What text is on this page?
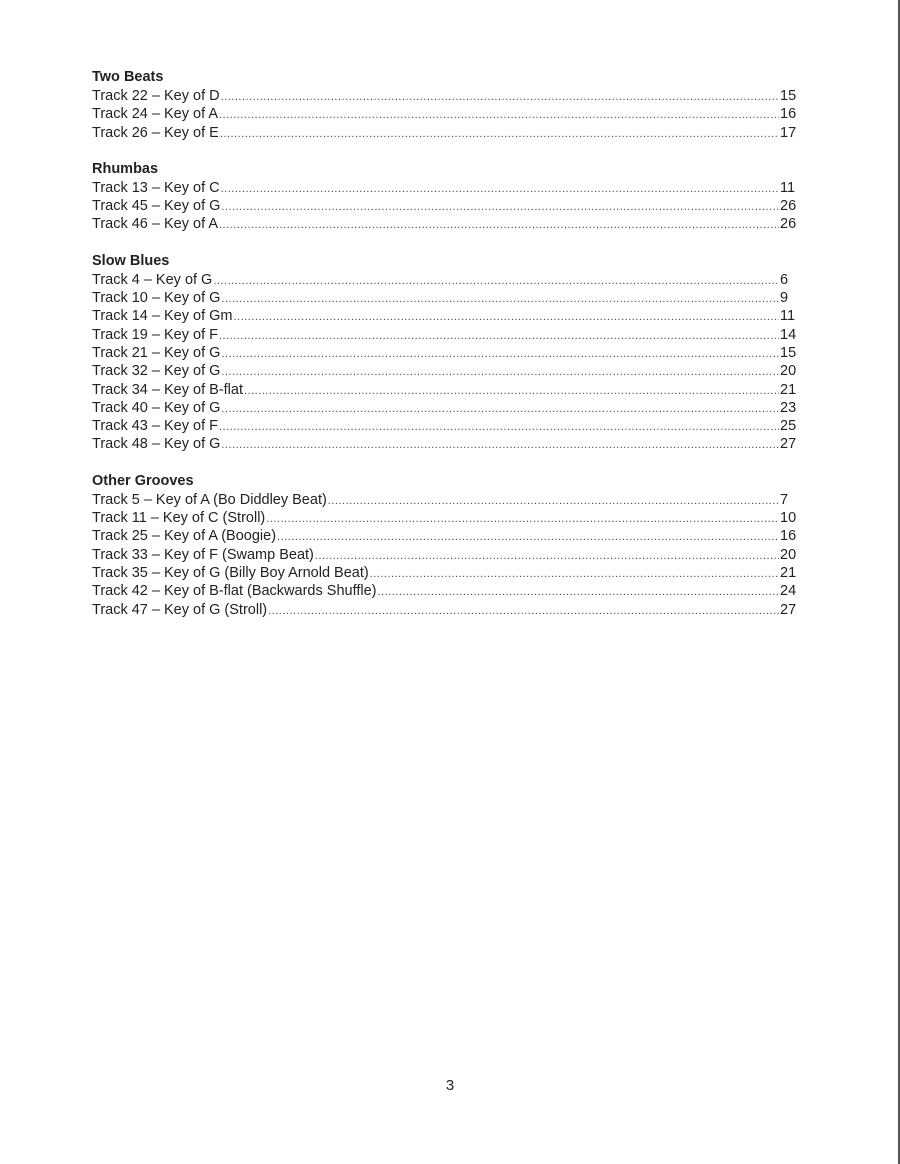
Two Beats
Track 22 – Key of D .....	15
Track 24 – Key of A .....	16
Track 26 – Key of E .....	17
Rhumbas
Track 13 – Key of C .....	11
Track 45 – Key of G .....	26
Track 46 – Key of A .....	26
Slow Blues
Track 4 – Key of G .....	6
Track 10 – Key of G .....	9
Track 14 – Key of Gm .....	11
Track 19 – Key of F .....	14
Track 21 – Key of G .....	15
Track 32 – Key of G .....	20
Track 34 – Key of B-flat .....	21
Track 40 – Key of G .....	23
Track 43 – Key of F .....	25
Track 48 – Key of G .....	27
Other Grooves
Track 5 – Key of A (Bo Diddley Beat) .....	7
Track 11 – Key of C (Stroll) .....	10
Track 25 – Key of A (Boogie) .....	16
Track 33 – Key of F (Swamp Beat) .....	20
Track 35 – Key of G (Billy Boy Arnold Beat) .....	21
Track 42 – Key of B-flat (Backwards Shuffle) .....	24
Track 47 – Key of G (Stroll) .....	27
3
